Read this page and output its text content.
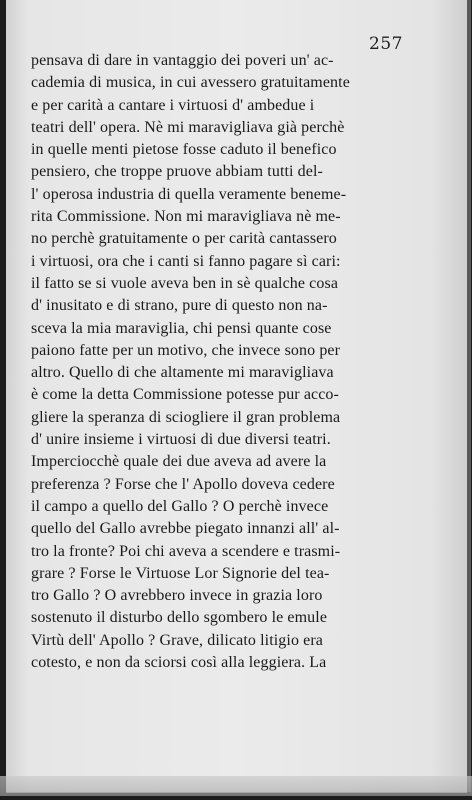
257
pensava di dare in vantaggio dei poveri un' ac-
cademia di musica, in cui avessero gratuitamente
e per carità a cantare i virtuosi d' ambedue i
teatri dell' opera. Nè mi maravigliava già perchè
in quelle menti pietose fosse caduto il benefico
pensiero, che troppe pruove abbiam tutti del-
l' operosa industria di quella veramente beneme-
rita Commissione. Non mi maravigliava nè me-
no perchè gratuitamente o per carità cantassero
i virtuosi, ora che i canti si fanno pagare sì cari:
il fatto se si vuole aveva ben in sè qualche cosa
d' inusitato e di strano, pure di questo non na-
sceva la mia maraviglia, chi pensi quante cose
paiono fatte per un motivo, che invece sono per
altro. Quello di che altamente mi maravigliava
è come la detta Commissione potesse pur acco-
gliere la speranza di sciogliere il gran problema
d' unire insieme i virtuosi di due diversi teatri.
Imperciocchè quale dei due aveva ad avere la
preferenza ? Forse che l' Apollo doveva cedere
il campo a quello del Gallo ? O perchè invece
quello del Gallo avrebbe piegato innanzi all' al-
tro la fronte? Poi chi aveva a scendere e trasmi-
grare ? Forse le Virtuose Lor Signorie del tea-
tro Gallo ? O avrebbero invece in grazia loro
sostenuto il disturbo dello sgombero le emule
Virtù dell' Apollo ? Grave, dilicato litigio era
cotesto, e non da sciorsi così alla leggiera. La
